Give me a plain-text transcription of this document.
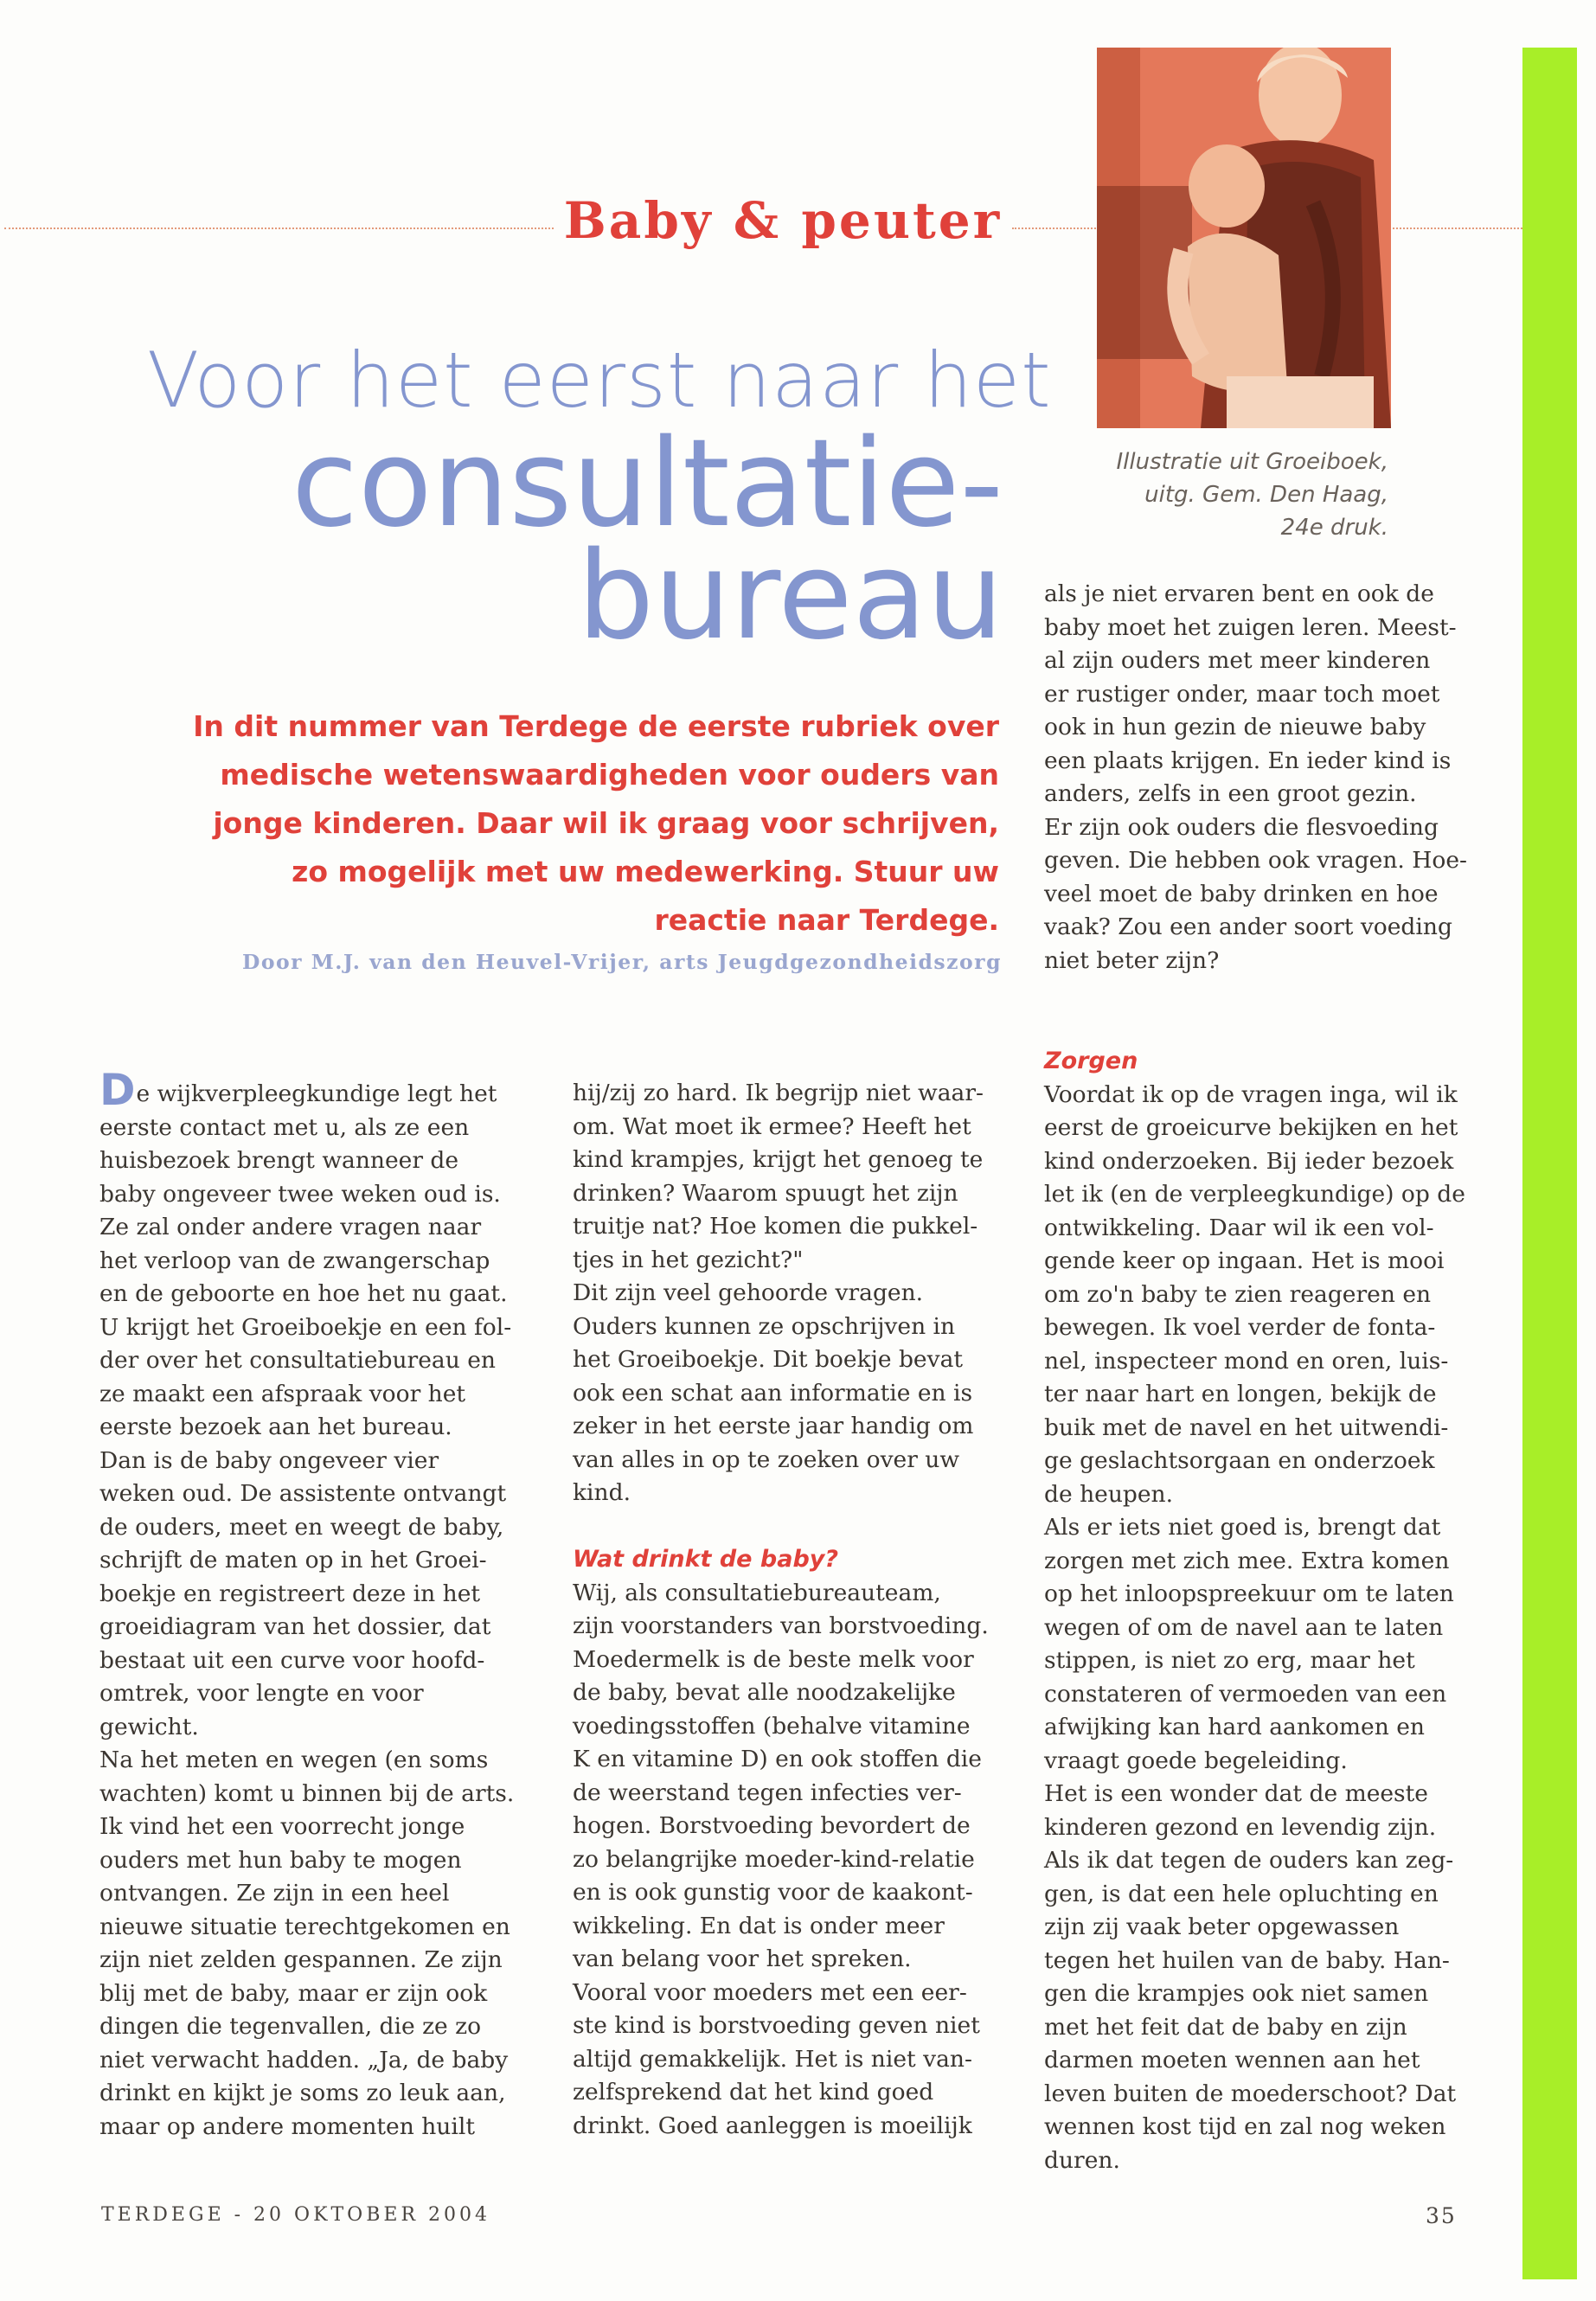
Baby & peuter
Voor het eerst naar het
consultatie-
bureau
Illustratie uit Groeiboek,
uitg. Gem. Den Haag,
24e druk.
In dit nummer van Terdege de eerste rubriek over medische wetenswaardigheden voor ouders van jonge kinderen. Daar wil ik graag voor schrijven, zo mogelijk met uw medewerking. Stuur uw reactie naar Terdege.
Door M.J. van den Heuvel-Vrijer, arts Jeugdgezondheidszorg
De wijkverpleegkundige legt het
eerste contact met u, als ze een
huisbezoek brengt wanneer de
baby ongeveer twee weken oud is.
Ze zal onder andere vragen naar
het verloop van de zwangerschap
en de geboorte en hoe het nu gaat.
U krijgt het Groeiboekje en een fol-
der over het consultatiebureau en
ze maakt een afspraak voor het
eerste bezoek aan het bureau.
Dan is de baby ongeveer vier
weken oud. De assistente ontvangt
de ouders, meet en weegt de baby,
schrijft de maten op in het Groei-
boekje en registreert deze in het
groeidiagram van het dossier, dat
bestaat uit een curve voor hoofd-
omtrek, voor lengte en voor
gewicht.
Na het meten en wegen (en soms
wachten) komt u binnen bij de arts.
Ik vind het een voorrecht jonge
ouders met hun baby te mogen
ontvangen. Ze zijn in een heel
nieuwe situatie terechtgekomen en
zijn niet zelden gespannen. Ze zijn
blij met de baby, maar er zijn ook
dingen die tegenvallen, die ze zo
niet verwacht hadden. „Ja, de baby
drinkt en kijkt je soms zo leuk aan,
maar op andere momenten huilt
hij/zij zo hard. Ik begrijp niet waar-
om. Wat moet ik ermee? Heeft het
kind krampjes, krijgt het genoeg te
drinken? Waarom spuugt het zijn
truitje nat? Hoe komen die pukkel-
tjes in het gezicht?"
Dit zijn veel gehoorde vragen.
Ouders kunnen ze opschrijven in
het Groeiboekje. Dit boekje bevat
ook een schat aan informatie en is
zeker in het eerste jaar handig om
van alles in op te zoeken over uw
kind.

Wat drinkt de baby?
Wij, als consultatiebureauteam,
zijn voorstanders van borstvoeding.
Moedermelk is de beste melk voor
de baby, bevat alle noodzakelijke
voedingsstoffen (behalve vitamine
K en vitamine D) en ook stoffen die
de weerstand tegen infecties ver-
hogen. Borstvoeding bevordert de
zo belangrijke moeder-kind-relatie
en is ook gunstig voor de kaakont-
wikkeling. En dat is onder meer
van belang voor het spreken.
Vooral voor moeders met een eer-
ste kind is borstvoeding geven niet
altijd gemakkelijk. Het is niet van-
zelfsprekend dat het kind goed
drinkt. Goed aanleggen is moeilijk
als je niet ervaren bent en ook de
baby moet het zuigen leren. Meest-
al zijn ouders met meer kinderen
er rustiger onder, maar toch moet
ook in hun gezin de nieuwe baby
een plaats krijgen. En ieder kind is
anders, zelfs in een groot gezin.
Er zijn ook ouders die flesvoeding
geven. Die hebben ook vragen. Hoe-
veel moet de baby drinken en hoe
vaak? Zou een ander soort voeding
niet beter zijn?
Zorgen
Voordat ik op de vragen inga, wil ik
eerst de groeicurve bekijken en het
kind onderzoeken. Bij ieder bezoek
let ik (en de verpleegkundige) op de
ontwikkeling. Daar wil ik een vol-
gende keer op ingaan. Het is mooi
om zo'n baby te zien reageren en
bewegen. Ik voel verder de fonta-
nel, inspecteer mond en oren, luis-
ter naar hart en longen, bekijk de
buik met de navel en het uitwendi-
ge geslachtsorgaan en onderzoek
de heupen.
Als er iets niet goed is, brengt dat
zorgen met zich mee. Extra komen
op het inloopspreekuur om te laten
wegen of om de navel aan te laten
stippen, is niet zo erg, maar het
constateren of vermoeden van een
afwijking kan hard aankomen en
vraagt goede begeleiding.
Het is een wonder dat de meeste
kinderen gezond en levendig zijn.
Als ik dat tegen de ouders kan zeg-
gen, is dat een hele opluchting en
zijn zij vaak beter opgewassen
tegen het huilen van de baby. Han-
gen die krampjes ook niet samen
met het feit dat de baby en zijn
darmen moeten wennen aan het
leven buiten de moederschoot? Dat
wennen kost tijd en zal nog weken
duren.
TERDEGE - 20 OKTOBER 2004	35
